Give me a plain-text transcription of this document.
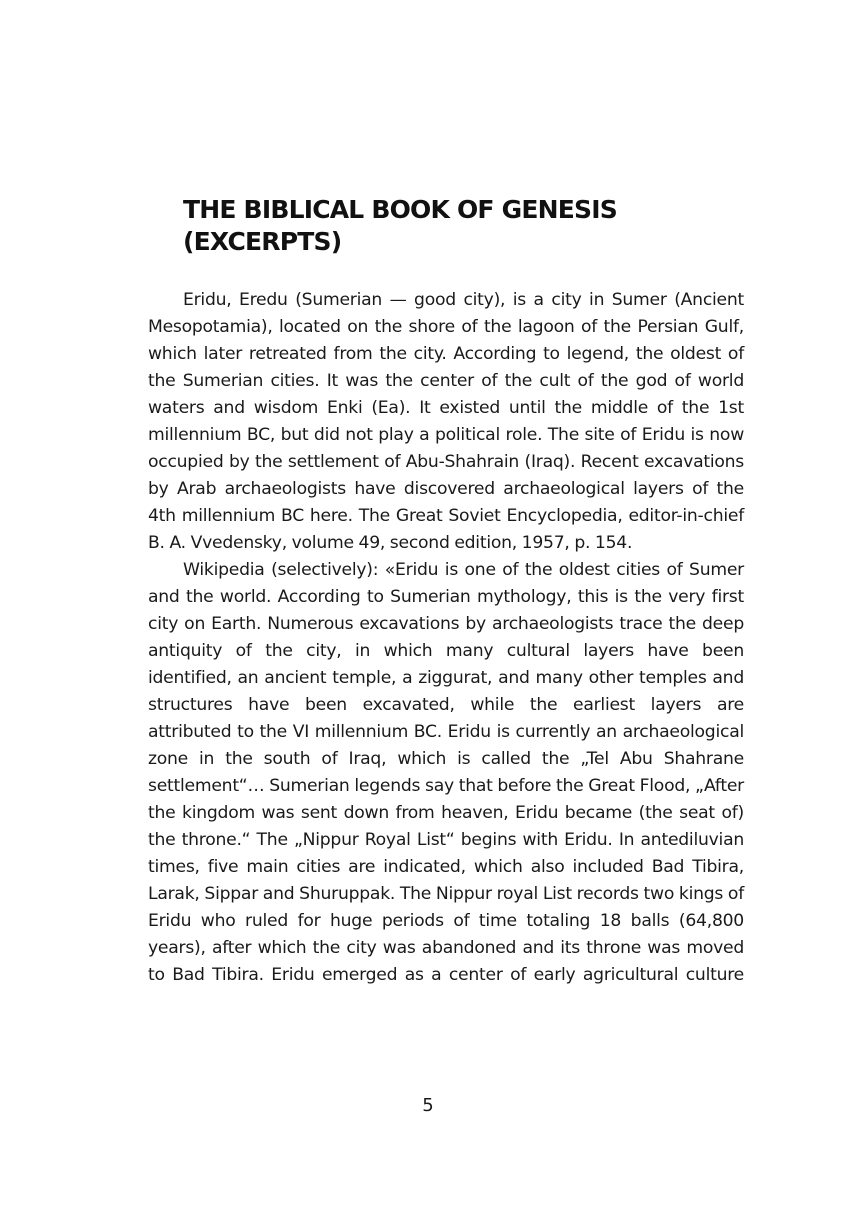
THE BIBLICAL BOOK OF GENESIS
(EXCERPTS)

Eridu, Eredu (Sumerian — good city), is a city in Sumer (Ancient Mesopotamia), located on the shore of the lagoon of the Persian Gulf, which later retreated from the city. According to legend, the oldest of the Sumerian cities. It was the center of the cult of the god of world waters and wisdom Enki (Ea). It existed until the middle of the 1st millennium BC, but did not play a political role. The site of Eridu is now occupied by the settlement of Abu-Shahrain (Iraq). Recent excavations by Arab archaeologists have discovered archaeological layers of the 4th millennium BC here. The Great Soviet Encyclopedia, editor-in-chief B. A. Vvedensky, volume 49, second edition, 1957, p. 154.

Wikipedia (selectively): «Eridu is one of the oldest cities of Sumer and the world. According to Sumerian mythology, this is the very first city on Earth. Numerous excavations by archaeologists trace the deep antiquity of the city, in which many cultural layers have been identified, an ancient temple, a ziggurat, and many other temples and structures have been excavated, while the earliest layers are attributed to the VI millennium BC. Eridu is currently an archaeological zone in the south of Iraq, which is called the „Tel Abu Shahrane settlement“… Sumerian legends say that before the Great Flood, „After the kingdom was sent down from heaven, Eridu became (the seat of) the throne.“ The „Nippur Royal List“ begins with Eridu. In antediluvian times, five main cities are indicated, which also included Bad Tibira, Larak, Sippar and Shuruppak. The Nippur royal List records two kings of Eridu who ruled for huge periods of time totaling 18 balls (64,800 years), after which the city was abandoned and its throne was moved to Bad Tibira. Eridu emerged as a center of early agricultural culture

5
